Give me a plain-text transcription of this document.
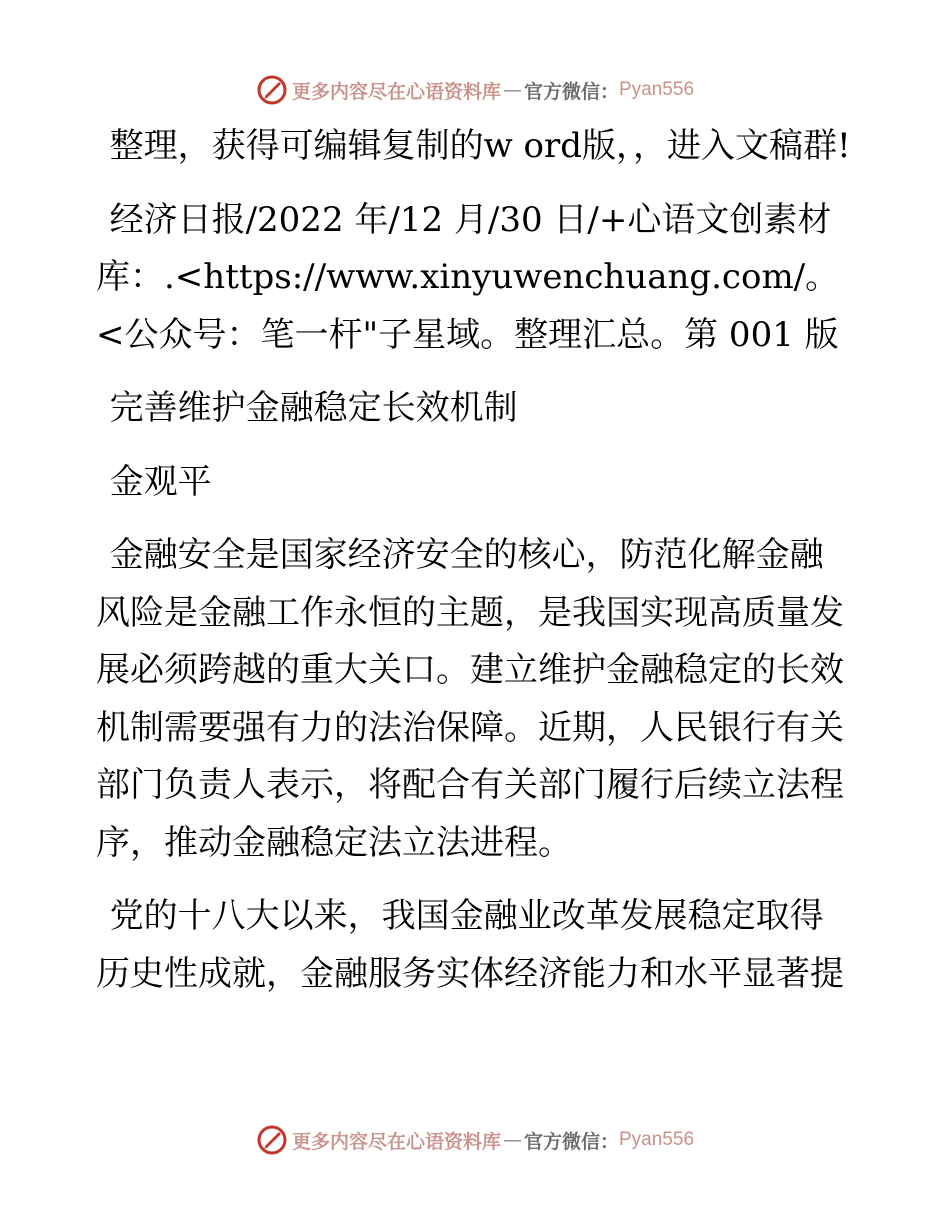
更多内容尽在心语资料库 — 官方微信： Pyan556

整理，获得可编辑复制的w ord版，，进入文稿群!

经济日报/2022 年/12 月/30 日/+心语文创素材库：.<https://www.xinyuwenchuang.com/。<公众号：笔一杆"子星域。整理汇总。第 001 版

完善维护金融稳定长效机制

金观平

金融安全是国家经济安全的核心，防范化解金融风险是金融工作永恒的主题，是我国实现高质量发展必须跨越的重大关口。建立维护金融稳定的长效机制需要强有力的法治保障。近期，人民银行有关部门负责人表示，将配合有关部门履行后续立法程序，推动金融稳定法立法进程。

党的十八大以来，我国金融业改革发展稳定取得历史性成就，金融服务实体经济能力和水平显著提

更多内容尽在心语资料库 — 官方微信： Pyan556
